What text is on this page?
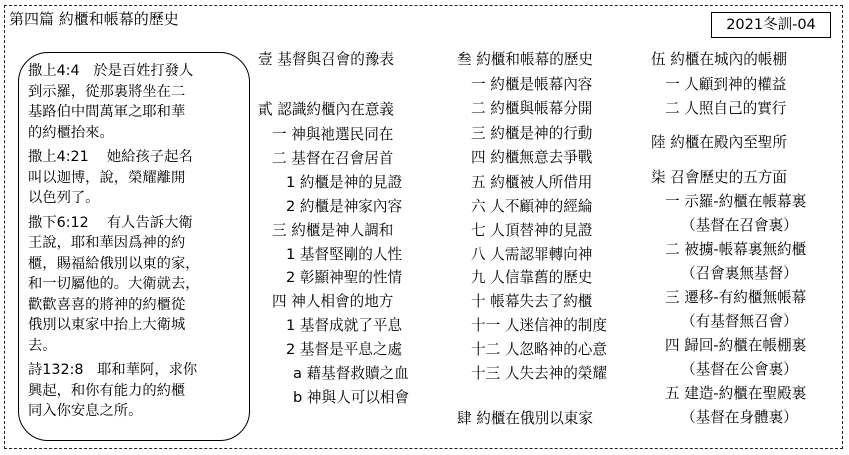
第四篇 約櫃和帳幕的歷史	2021冬訓-04
撒上4:4 於是百姓打發人
到示羅，從那裏將坐在二
基路伯中間萬軍之耶和華
的約櫃抬來。
撒上4:21 她給孩子起名
叫以迦博，說，榮耀離開
以色列了。
撒下6:12 有人告訴大衛
王說，耶和華因爲神的約
櫃，賜福給俄別以東的家，
和一切屬他的。大衛就去，
歡歡喜喜的將神的約櫃從
俄別以東家中抬上大衛城
去。
詩132:8 耶和華阿，求你
興起，和你有能力的約櫃
同入你安息之所。
壹 基督與召會的豫表
貳 認識約櫃內在意義
一 神與祂選民同在
二 基督在召會居首
1 約櫃是神的見證
2 約櫃是神家內容
三 約櫃是神人調和
1 基督堅剛的人性
2 彰顯神聖的性情
四 神人相會的地方
1 基督成就了平息
2 基督是平息之處
a 藉基督救贖之血
b 神與人可以相會
叁 約櫃和帳幕的歷史
一 約櫃是帳幕內容
二 約櫃與帳幕分開
三 約櫃是神的行動
四 約櫃無意去爭戰
五 約櫃被人所借用
六 人不顧神的經綸
七 人頂替神的見證
八 人需認罪轉向神
九 人信靠舊的歷史
十 帳幕失去了約櫃
十一 人迷信神的制度
十二 人忽略神的心意
十三 人失去神的榮耀
肆 約櫃在俄別以東家
伍 約櫃在城內的帳棚
一 人顧到神的權益
二 人照自己的實行
陸 約櫃在殿內至聖所
柒 召會歷史的五方面
一 示羅-約櫃在帳幕裏
（基督在召會裏）
二 被擄-帳幕裏無約櫃
（召會裏無基督）
三 遷移-有約櫃無帳幕
（有基督無召會）
四 歸回-約櫃在帳棚裏
（基督在公會裏）
五 建造-約櫃在聖殿裏
（基督在身體裏）
